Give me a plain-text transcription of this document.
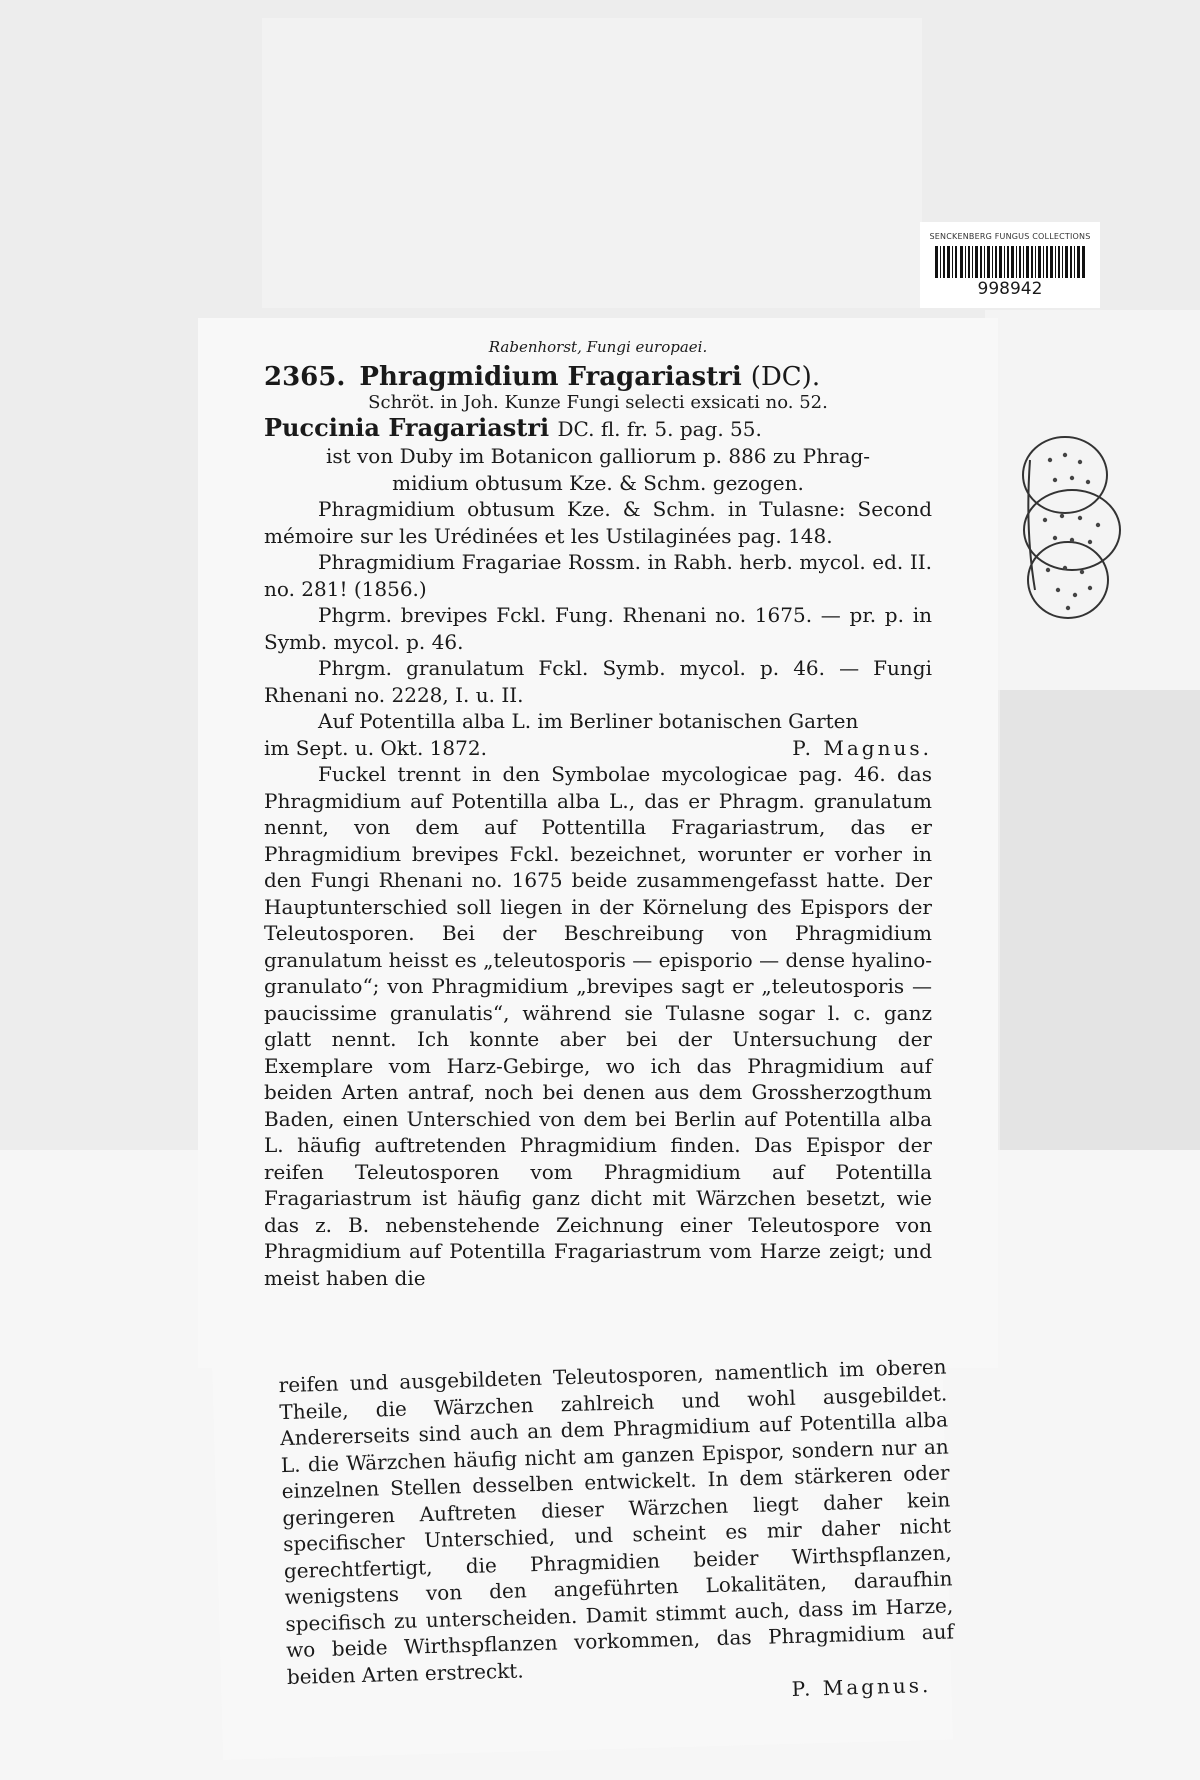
SENCKENBERG FUNGUS COLLECTIONS
998942
Rabenhorst, Fungi europaei.
2365. Phragmidium Fragariastri (DC).
Schröt. in Joh. Kunze Fungi selecti exsicati no. 52.
Puccinia Fragariastri DC. fl. fr. 5. pag. 55.

ist von Duby im Botanicon galliorum p. 886 zu Phrag-

midium obtusum Kze. & Schm. gezogen.

Phragmidium obtusum Kze. & Schm. in Tulasne: Second mémoire sur les Urédinées et les Ustilaginées pag. 148.

Phragmidium Fragariae Rossm. in Rabh. herb. mycol. ed. II. no. 281! (1856.)

Phgrm. brevipes Fckl. Fung. Rhenani no. 1675. — pr. p. in Symb. mycol. p. 46.

Phrgm. granulatum Fckl. Symb. mycol. p. 46. — Fungi Rhenani no. 2228, I. u. II.

Auf Potentilla alba L. im Berliner botanischen Garten

im Sept. u. Okt. 1872.	P. Magnus.

Fuckel trennt in den Symbolae mycologicae pag. 46. das Phragmidium auf Potentilla alba L., das er Phragm. granulatum nennt, von dem auf Pottentilla Fragariastrum, das er Phragmidium brevipes Fckl. bezeichnet, worunter er vorher in den Fungi Rhenani no. 1675 beide zusammengefasst hatte. Der Hauptunterschied soll liegen in der Körnelung des Epispors der Teleutosporen. Bei der Beschreibung von Phragmidium granulatum heisst es „teleutosporis — episporio — dense hyalino-granulato“; von Phragmidium „brevipes sagt er „teleutosporis — paucissime granulatis“, während sie Tulasne sogar l. c. ganz glatt nennt. Ich konnte aber bei der Untersuchung der Exemplare vom Harz-Gebirge, wo ich das Phragmidium auf beiden Arten antraf, noch bei denen aus dem Grossherzogthum Baden, einen Unterschied von dem bei Berlin auf Potentilla alba L. häufig auftretenden Phragmidium finden. Das Epispor der reifen Teleutosporen vom Phragmidium auf Potentilla Fragariastrum ist häufig ganz dicht mit Wärzchen besetzt, wie das z. B. nebenstehende Zeichnung einer Teleutospore von Phragmidium auf Potentilla Fragariastrum vom Harze zeigt; und meist haben die

reifen und ausgebildeten Teleutosporen, namentlich im oberen Theile, die Wärzchen zahlreich und wohl ausgebildet. Andererseits sind auch an dem Phragmidium auf Potentilla alba L. die Wärzchen häufig nicht am ganzen Epispor, sondern nur an einzelnen Stellen desselben entwickelt. In dem stärkeren oder geringeren Auftreten dieser Wärzchen liegt daher kein specifischer Unterschied, und scheint es mir daher nicht gerechtfertigt, die Phragmidien beider Wirthspflanzen, wenigstens von den angeführten Lokalitäten, daraufhin specifisch zu unterscheiden. Damit stimmt auch, dass im Harze, wo beide Wirthspflanzen vorkommen, das Phragmidium auf beiden Arten erstreckt.	P. Magnus.
